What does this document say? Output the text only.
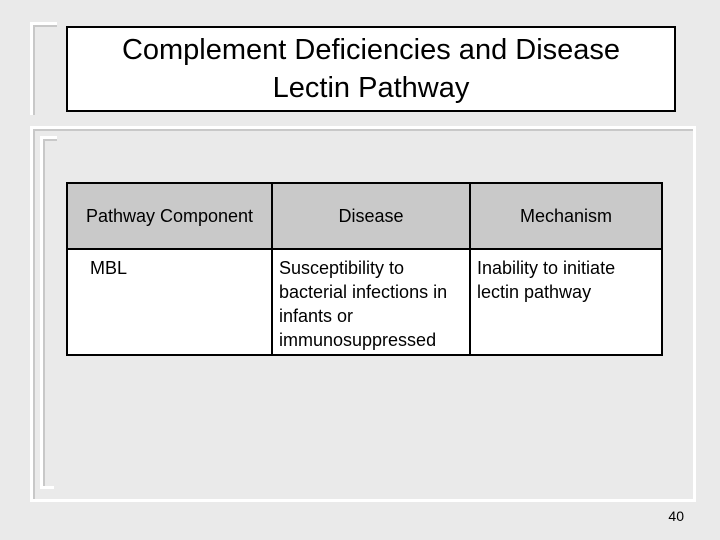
Complement Deficiencies and Disease
Lectin Pathway
Pathway Component	Disease	Mechanism
MBL	Susceptibility to bacterial infections in infants or immunosuppressed	Inability to initiate lectin pathway
40
